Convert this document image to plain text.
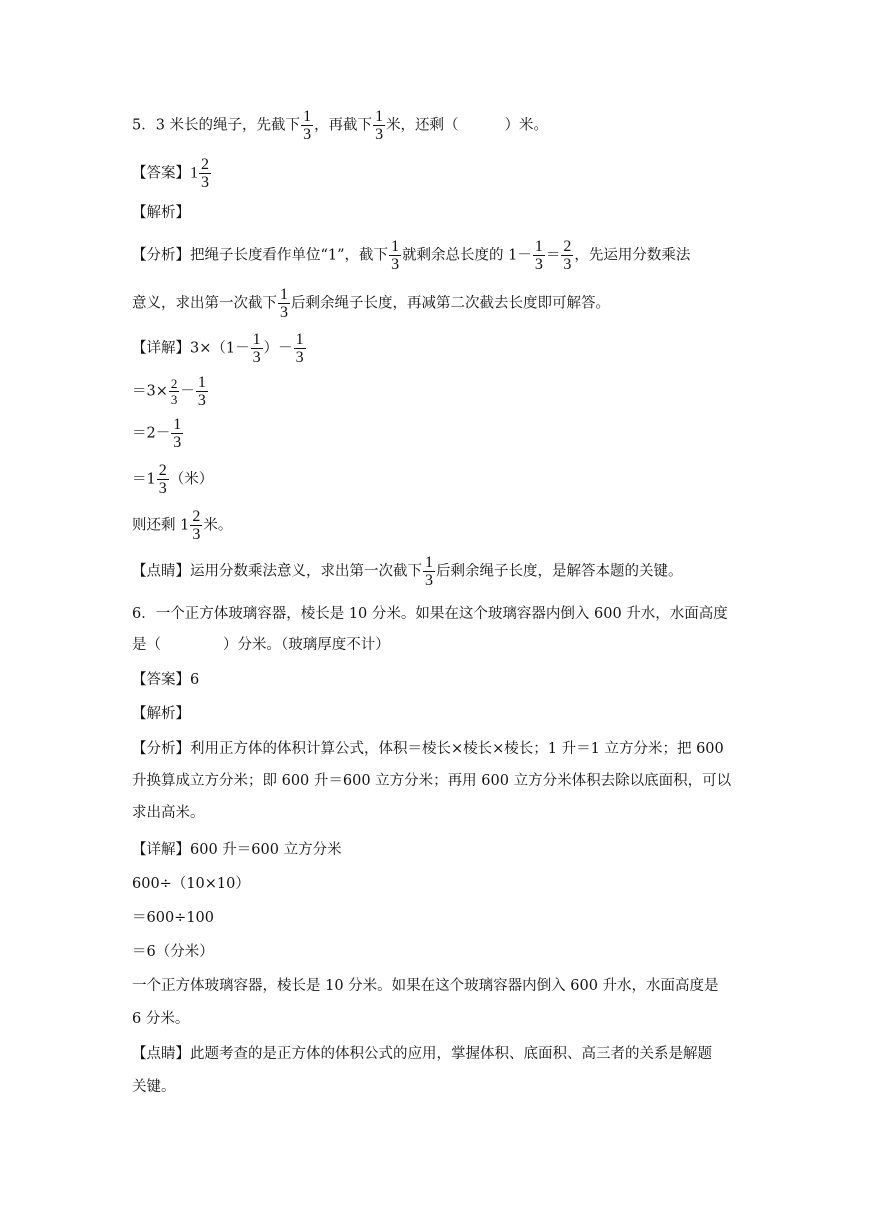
5．3 米长的绳子，先截下 $\frac{1}{3}$ ，再截下 $\frac{1}{3}$ 米，还剩（	）米。
【答案】$1 \frac{2}{3}$
【解析】
【分析】把绳子长度看作单位“1”，截下 $\frac{1}{3}$ 就剩余总长度的 $1- \frac{1}{3} = \frac{2}{3}$ ，先运用分数乘法
意义，求出第一次截下 $\frac{1}{3}$ 后剩余绳子长度，再减第二次截去长度即可解答。
【详解】$3\times(1- \frac{1}{3}$ ）－ $\frac{1}{3}$
$=3\times \frac{2}{3} - \frac{1}{3}$
$=2- \frac{1}{3}$
$=1 \frac{2}{3}$ （米）
则还剩 $1 \frac{2}{3}$ 米。
【点睛】运用分数乘法意义，求出第一次截下 $\frac{1}{3}$ 后剩余绳子长度，是解答本题的关键。
6．一个正方体玻璃容器，棱长是 10 分米。如果在这个玻璃容器内倒入 600 升水，水面高度
是（	）分米。（玻璃厚度不计）
【答案】6
【解析】
【分析】利用正方体的体积计算公式，体积＝棱长×棱长×棱长；1 升＝1 立方分米；把 600
升换算成立方分米；即 600 升＝600 立方分米；再用 600 立方分米体积去除以底面积，可以
求出高米。
【详解】600 升＝600 立方分米
600÷（10×10）
＝600÷100
＝6（分米）
一个正方体玻璃容器，棱长是 10 分米。如果在这个玻璃容器内倒入 600 升水，水面高度是
6 分米。
【点睛】此题考查的是正方体的体积公式的应用，掌握体积、底面积、高三者的关系是解题
关键。
